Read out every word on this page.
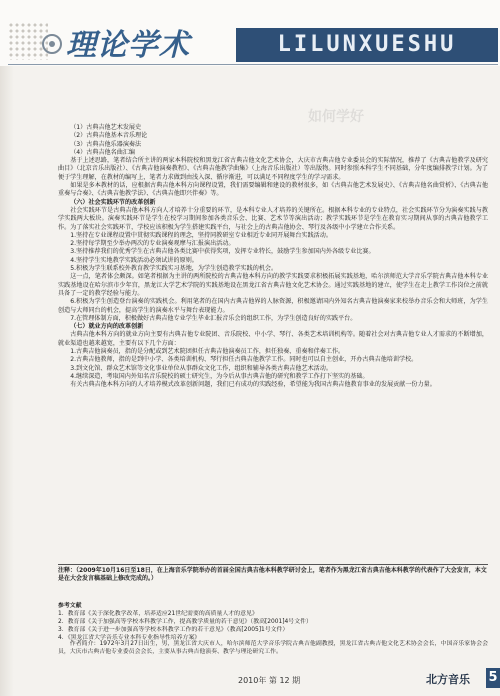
理论学术	LILUNXUESHU
如何学好

（1）古典吉他艺术发展史

（2）古典吉他基本音乐理论

（3）古典吉他乐器演奏法

（4）古典吉他名曲汇编

基于上述思路，笔者结合所主讲的两家本科院校和黑龙江省古典吉他文化艺术协会，大庆市古典吉他专业委员会的实际情况，推荐了《古典吉他教学及研究曲目》（北京音乐出版社）、《古典吉他演奏教程》、《古典吉他教学曲集》（上海音乐出版社）等出版物。同时参照本科学生不同基础，分年度编排教学计划。为了便于学生理解，在教材的编写上，笔者力求做到由浅入深、循序渐进，可以满足不同程度学生的学习需求。

如果是多本教材的话，应根据古典吉他本科方向课程设置，我们需要编辑和建设的教材很多，如《古典吉他艺术发展史》、《古典吉他名曲赏析》、《古典吉他重奏与合奏》、《古典吉他教学法》、《古典吉他即兴伴奏》等。

（六）社会实践环节的改革创新

社会实践环节是古典吉他本科方向人才培养十分重要的环节，是本科专业人才培养的关键所在。根据本科专业的专业特点，社会实践环节分为演奏实践与教学实践两大板块。演奏实践环节是学生在校学习期间参加各类音乐会、比赛、艺术节等演出活动；教学实践环节是学生在教育实习期间从事的古典吉他教学工作。为了落实社会实践环节，学校应该积极为学生搭建实践平台，与社会上的古典吉他协会、琴行及各级中小学建立合作关系。

1.坚持在专业课程设置中贯彻实践课程的理念，坚持同教研室专业相近专业同开展舞台实践活动。

2.坚持每学期至少举办两次的专业演奏观摩与汇报演出活动。

3.坚持推荐我们的优秀学生在古典吉他各类比赛中获得奖项，发挥专业特长，鼓励学生参加国内外各级专业比赛。

4.坚持学生实地教学实践活动必须试讲的原则。

5.积极为学生联系校外教育教学实践实习基地，为学生创造教学实践的机会。

这一点，笔者体会颇深。如笔者根据为主讲的两所院校的古典吉他本科方向的教学实践要求积极拓展实践基地，哈尔滨师范大学音乐学院古典吉他本科专业实践基地设在哈尔滨市少年宫，黑龙江大学艺术学院的实践基地设在黑龙江省古典吉他文化艺术协会。通过实践基地的建立，使学生在走上教学工作岗位之前就具备了一定的教学经验与能力。

6.积极为学生创造登台演奏的实践机会。利用笔者的在国内古典吉他界的人脉资源，积极邀请国内外知名古典吉他演奏家来校举办音乐会和大师班，为学生创造与大师同台的机会，提高学生的演奏水平与舞台表现能力。

7.在管理体制方面，积极做好古典吉他专业学生毕业汇报音乐会的组织工作，为学生创造良好的实践平台。

（七）就业方向的改革创新

古典吉他本科方向的就业方向主要有古典吉他专业院团、音乐院校、中小学、琴行、各类艺术培训机构等。随着社会对古典吉他专业人才需求的不断增加，就业渠道也越来越宽，主要有以下几个方面：

1.古典吉他演奏员，指的是分配或到艺术院团担任古典吉他演奏员工作，担任独奏、重奏和伴奏工作。

2.古典吉他教师，指的是到中小学、各类培训机构、琴行担任古典吉他教学工作。同时也可以自主创业，开办古典吉他培训学校。

3.到文化馆、群众艺术馆等文化事业单位从事群众文化工作，组织和辅导各类古典吉他艺术活动。

4.继续深造，考取国内外知名音乐院校的硕士研究生，为今后从事古典吉他的研究和教学工作打下坚实的基础。

有关古典吉他本科方向的人才培养模式改革创新问题，我们已有成功的实践经验，希望能为我国古典吉他教育事业的发展贡献一份力量。

注释：（2009年10月16日至18日，在上海音乐学院举办的首届全国古典吉他本科教学研讨会上，笔者作为黑龙江省古典吉他本科教学的代表作了大会发言，本文是在大会发言稿基础上修改完成的。）
参考文献
1．教育部《关于深化教学改革，培养适应21世纪需要的高质量人才的意见》
2．教育部《关于加强高等学校本科教学工作，提高教学质量的若干意见》（教高[2001]4号文件）
3．教育部《关于进一步加强高等学校本科教学工作的若干意见》（教高[2005]1号文件）
4．《黑龙江省大学音乐专业本科专业指导性培养方案》
作者简介：1972年3月27日出生，男，黑龙江省大庆市人，哈尔滨师范大学音乐学院古典吉他副教授，黑龙江省古典吉他文化艺术协会会长，中国音乐家协会会员，大庆市古典吉他专业委员会会长，主要从事古典吉他演奏、教学与理论研究工作。
2010年 第 12 期	北方音乐 5
